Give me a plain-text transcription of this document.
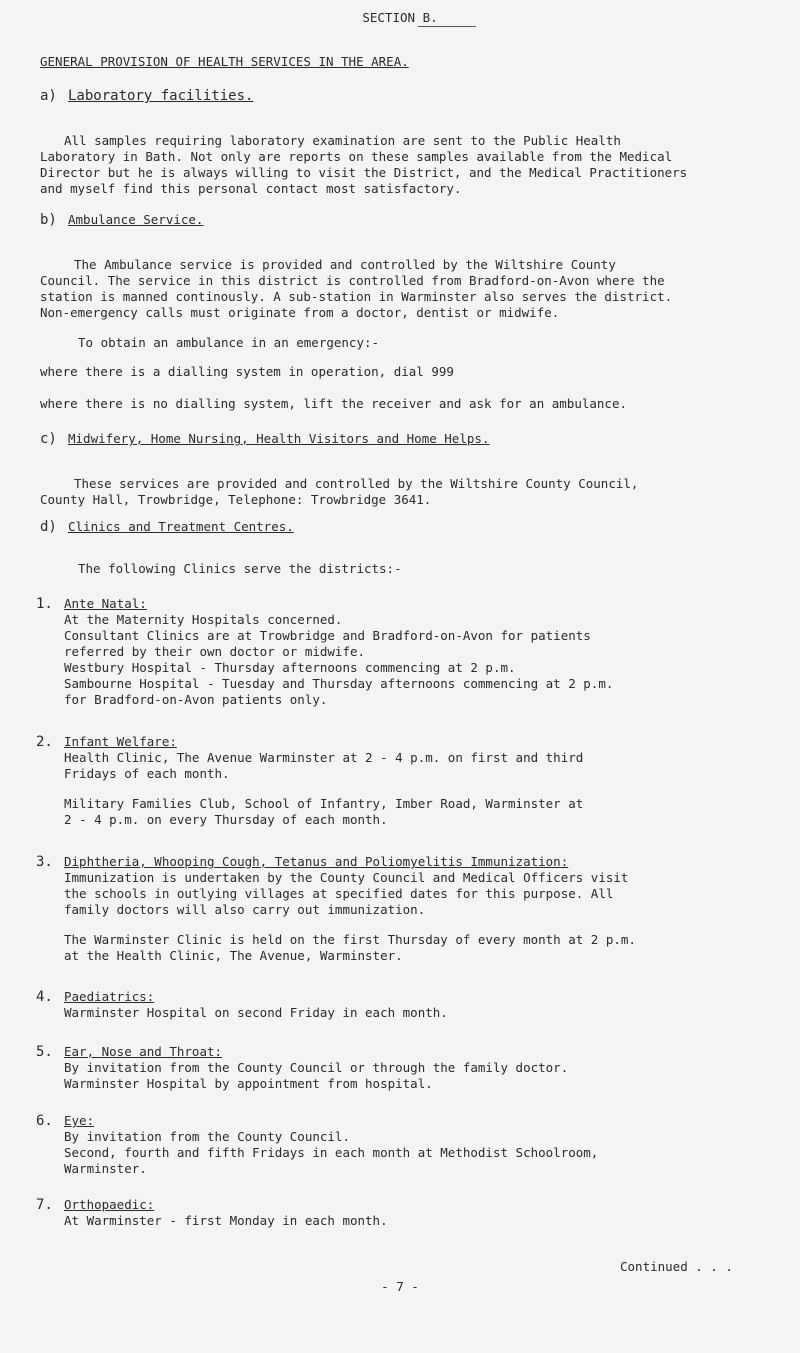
SECTION B.
GENERAL PROVISION OF HEALTH SERVICES IN THE AREA.
a) Laboratory facilities.
All samples requiring laboratory examination are sent to the Public Health
Laboratory in Bath. Not only are reports on these samples available from the Medical
Director but he is always willing to visit the District, and the Medical Practitioners
and myself find this personal contact most satisfactory.
b) Ambulance Service.
The Ambulance service is provided and controlled by the Wiltshire County
Council. The service in this district is controlled from Bradford-on-Avon where the
station is manned continously. A sub-station in Warminster also serves the district.
Non-emergency calls must originate from a doctor, dentist or midwife.
To obtain an ambulance in an emergency:-
where there is a dialling system in operation, dial 999
where there is no dialling system, lift the receiver and ask for an ambulance.
c) Midwifery, Home Nursing, Health Visitors and Home Helps.
These services are provided and controlled by the Wiltshire County Council,
County Hall, Trowbridge, Telephone: Trowbridge 3641.
d) Clinics and Treatment Centres.
The following Clinics serve the districts:-
1. Ante Natal:
At the Maternity Hospitals concerned.
Consultant Clinics are at Trowbridge and Bradford-on-Avon for patients
referred by their own doctor or midwife.
Westbury Hospital - Thursday afternoons commencing at 2 p.m.
Sambourne Hospital - Tuesday and Thursday afternoons commencing at 2 p.m.
for Bradford-on-Avon patients only.
2. Infant Welfare:
Health Clinic, The Avenue Warminster at 2 - 4 p.m. on first and third
Fridays of each month.
Military Families Club, School of Infantry, Imber Road, Warminster at
2 - 4 p.m. on every Thursday of each month.
3. Diphtheria, Whooping Cough, Tetanus and Poliomyelitis Immunization:
Immunization is undertaken by the County Council and Medical Officers visit
the schools in outlying villages at specified dates for this purpose. All
family doctors will also carry out immunization.
The Warminster Clinic is held on the first Thursday of every month at 2 p.m.
at the Health Clinic, The Avenue, Warminster.
4. Paediatrics:
Warminster Hospital on second Friday in each month.
5. Ear, Nose and Throat:
By invitation from the County Council or through the family doctor.
Warminster Hospital by appointment from hospital.
6. Eye:
By invitation from the County Council.
Second, fourth and fifth Fridays in each month at Methodist Schoolroom,
Warminster.
7. Orthopaedic:
At Warminster - first Monday in each month.
Continued . . .
- 7 -
